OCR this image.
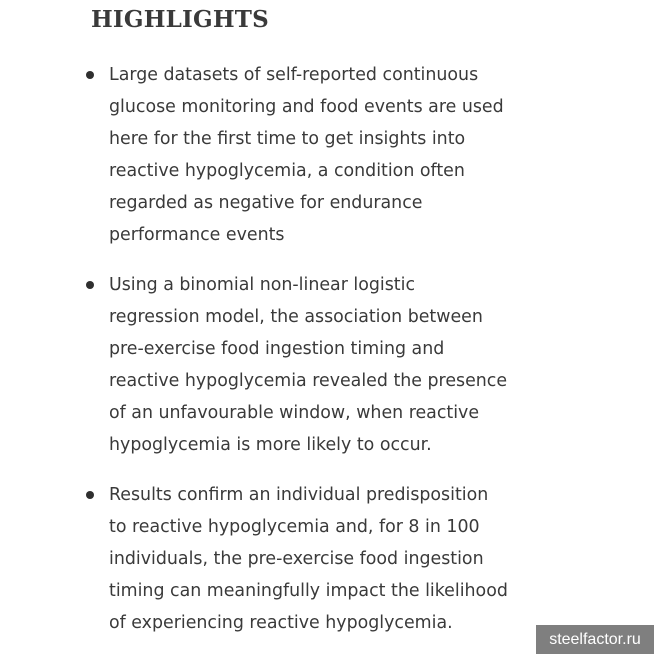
HIGHLIGHTS
Large datasets of self-reported continuous glucose monitoring and food events are used here for the first time to get insights into reactive hypoglycemia, a condition often regarded as negative for endurance performance events
Using a binomial non-linear logistic regression model, the association between pre-exercise food ingestion timing and reactive hypoglycemia revealed the presence of an unfavourable window, when reactive hypoglycemia is more likely to occur.
Results confirm an individual predisposition to reactive hypoglycemia and, for 8 in 100 individuals, the pre-exercise food ingestion timing can meaningfully impact the likelihood of experiencing reactive hypoglycemia.
steelfactor.ru
